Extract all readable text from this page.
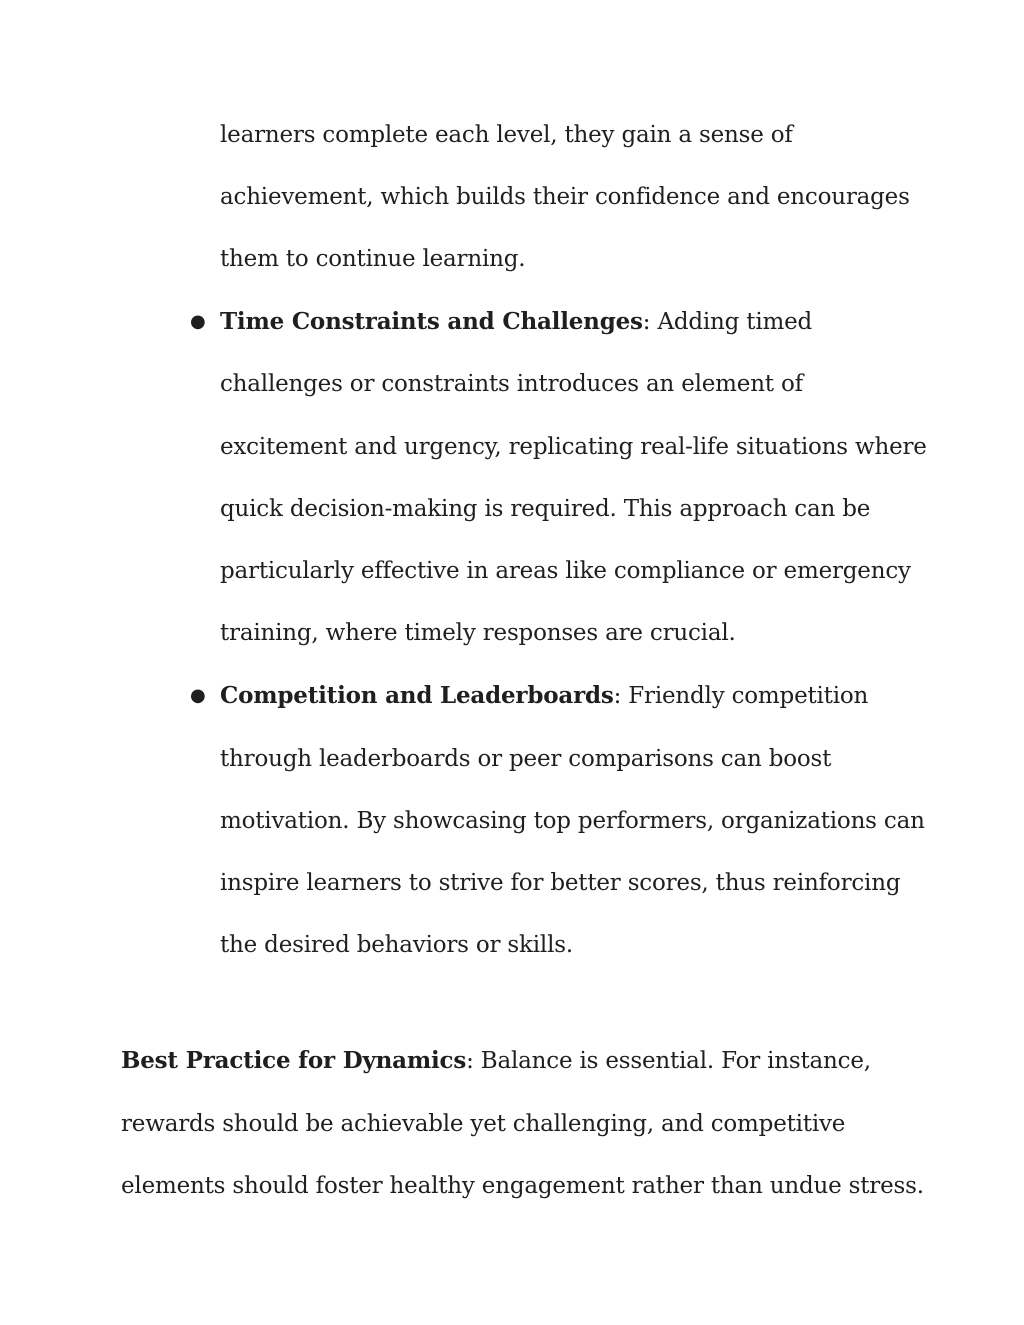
learners complete each level, they gain a sense of
achievement, which builds their confidence and encourages
them to continue learning.
● Time Constraints and Challenges: Adding timed
challenges or constraints introduces an element of
excitement and urgency, replicating real-life situations where
quick decision-making is required. This approach can be
particularly effective in areas like compliance or emergency
training, where timely responses are crucial.
● Competition and Leaderboards: Friendly competition
through leaderboards or peer comparisons can boost
motivation. By showcasing top performers, organizations can
inspire learners to strive for better scores, thus reinforcing
the desired behaviors or skills.
Best Practice for Dynamics: Balance is essential. For instance,
rewards should be achievable yet challenging, and competitive
elements should foster healthy engagement rather than undue stress.
